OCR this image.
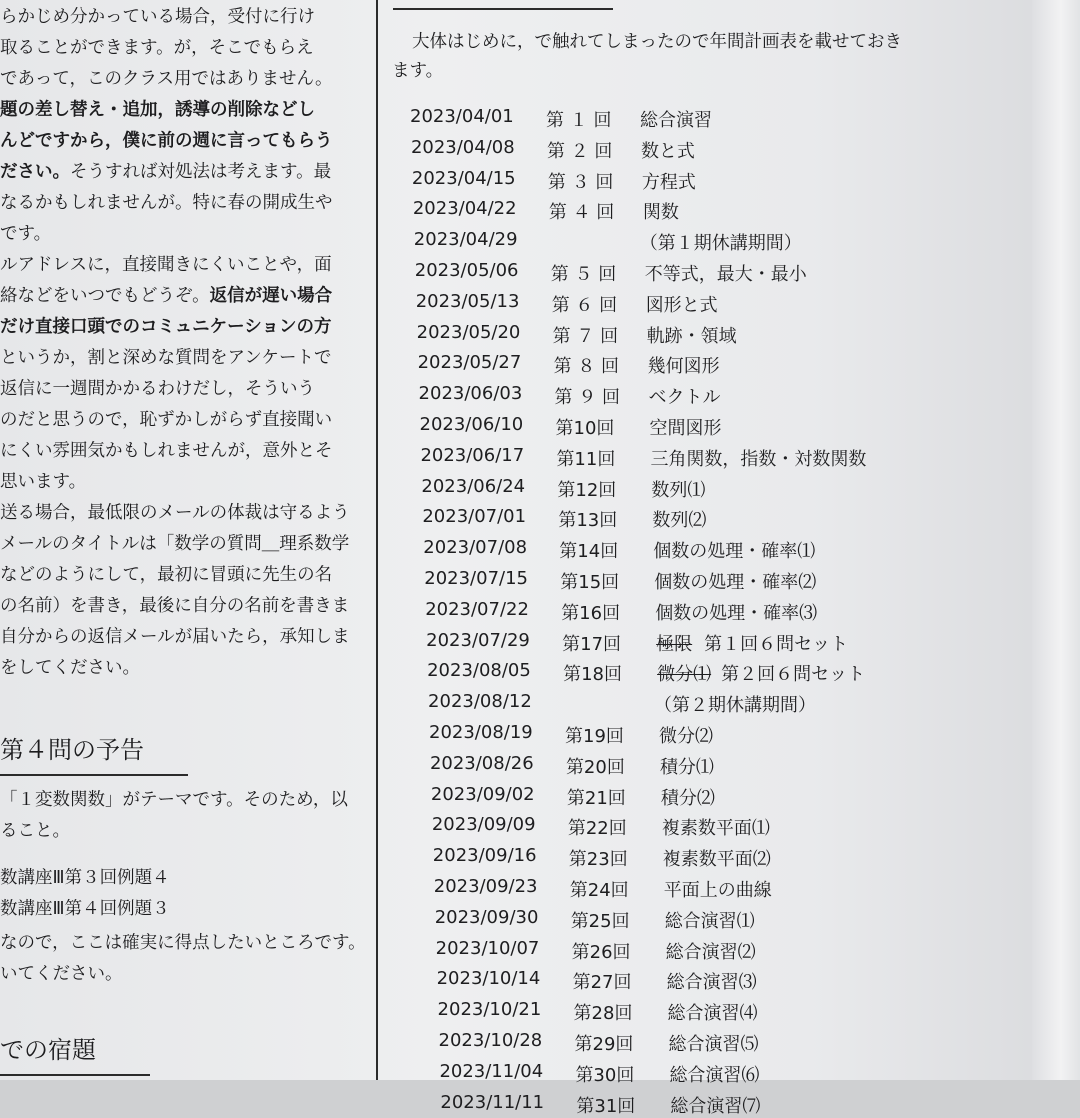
らかじめ分かっている場合，受付に行け
取ることができます。が，そこでもらえ
であって，このクラス用ではありません。
題の差し替え・追加，誘導の削除などし
んどですから，僕に前の週に言ってもらう
ださい。そうすれば対処法は考えます。最
なるかもしれませんが。特に春の開成生や
です。
ルアドレスに，直接聞きにくいことや，面
絡などをいつでもどうぞ。返信が遅い場合
だけ直接口頭でのコミュニケーションの方
というか，割と深めな質問をアンケートで
返信に一週間かかるわけだし，そういう
のだと思うので，恥ずかしがらず直接聞い
にくい雰囲気かもしれませんが，意外とそ
思います。
送る場合，最低限のメールの体裁は守るよう
メールのタイトルは「数学の質問＿理系数学
などのようにして，最初に冒頭に先生の名
の名前）を書き，最後に自分の名前を書きま
自分からの返信メールが届いたら，承知しま
をしてください。
第４問の予告
「１変数関数」がテーマです。そのため，以
ること。
数講座Ⅲ第３回例題４
数講座Ⅲ第４回例題３
なので，ここは確実に得点したいところです。
いてください。
での宿題
大体はじめに，で触れてしまったので年間計画表を載せておき
ます。
2023/04/01 第 １ 回 総合演習
2023/04/08 第 ２ 回 数と式
2023/04/15 第 ３ 回 方程式
2023/04/22 第 ４ 回 関数
2023/04/29	（第１期休講期間）
2023/05/06 第 ５ 回 不等式，最大・最小
2023/05/13 第 ６ 回 図形と式
2023/05/20 第 ７ 回 軌跡・領域
2023/05/27 第 ８ 回 幾何図形
2023/06/03 第 ９ 回 ベクトル
2023/06/10 第10回 空間図形
2023/06/17 第11回 三角関数，指数・対数関数
2023/06/24 第12回 数列⑴
2023/07/01 第13回 数列⑵
2023/07/08 第14回 個数の処理・確率⑴
2023/07/15 第15回 個数の処理・確率⑵
2023/07/22 第16回 個数の処理・確率⑶
2023/07/29 第17回 極限 第１回６問セット
2023/08/05 第18回 微分⑴ 第２回６問セット
2023/08/12	（第２期休講期間）
2023/08/19 第19回 微分⑵
2023/08/26 第20回 積分⑴
2023/09/02 第21回 積分⑵
2023/09/09 第22回 複素数平面⑴
2023/09/16 第23回 複素数平面⑵
2023/09/23 第24回 平面上の曲線
2023/09/30 第25回 総合演習⑴
2023/10/07 第26回 総合演習⑵
2023/10/14 第27回 総合演習⑶
2023/10/21 第28回 総合演習⑷
2023/10/28 第29回 総合演習⑸
2023/11/04 第30回 総合演習⑹
2023/11/11 第31回 総合演習⑺
